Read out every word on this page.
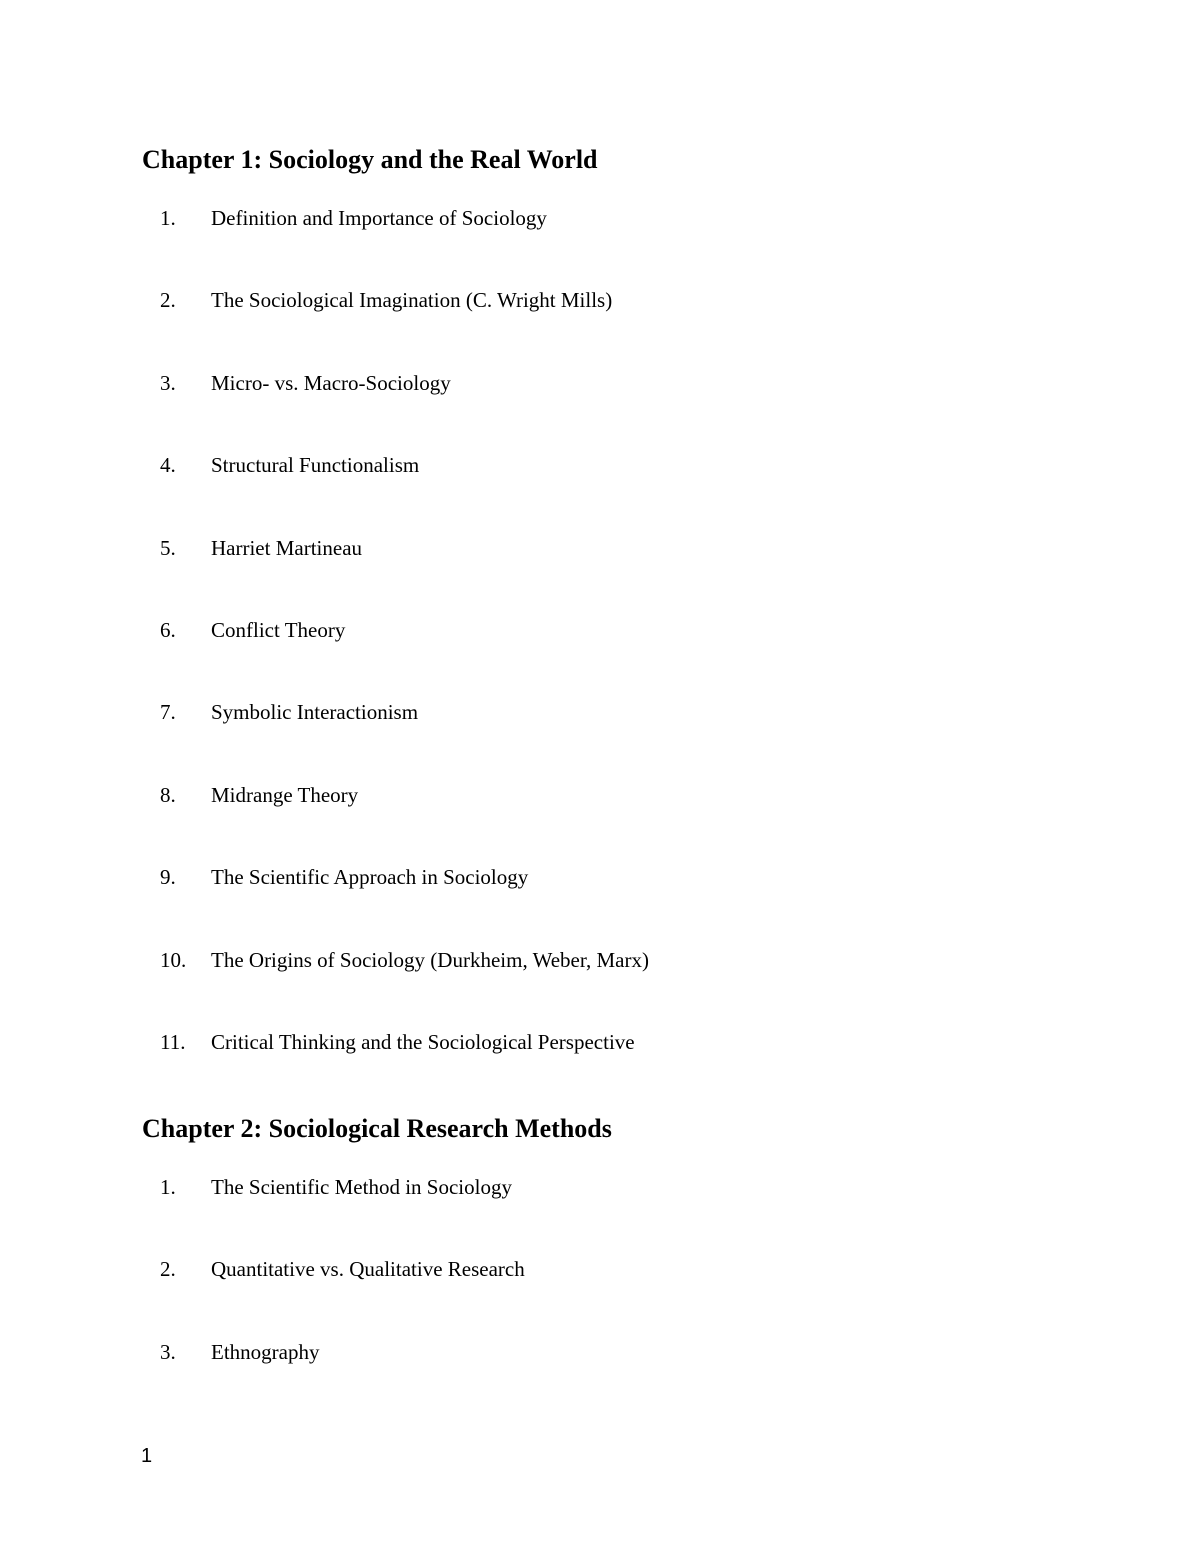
Chapter 1: Sociology and the Real World
1. Definition and Importance of Sociology
2. The Sociological Imagination (C. Wright Mills)
3. Micro- vs. Macro-Sociology
4. Structural Functionalism
5. Harriet Martineau
6. Conflict Theory
7. Symbolic Interactionism
8. Midrange Theory
9. The Scientific Approach in Sociology
10. The Origins of Sociology (Durkheim, Weber, Marx)
11. Critical Thinking and the Sociological Perspective
Chapter 2: Sociological Research Methods
1. The Scientific Method in Sociology
2. Quantitative vs. Qualitative Research
3. Ethnography
1
